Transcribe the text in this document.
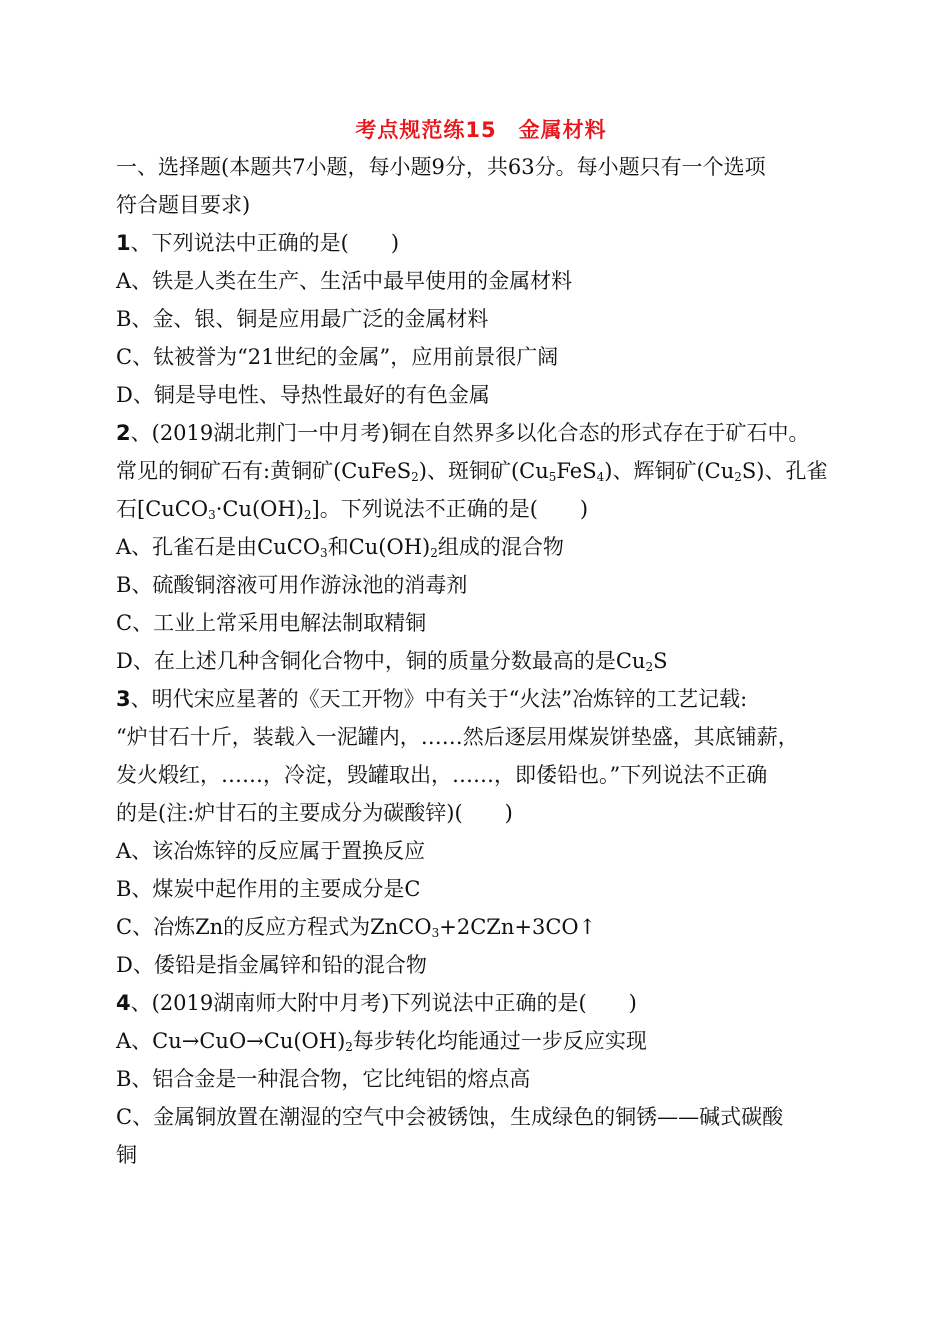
考点规范练15　金属材料
一、选择题(本题共7小题，每小题9分，共63分。每小题只有一个选项
符合题目要求)
1、下列说法中正确的是(　　)
A、铁是人类在生产、生活中最早使用的金属材料
B、金、银、铜是应用最广泛的金属材料
C、钛被誉为“21世纪的金属”，应用前景很广阔
D、铜是导电性、导热性最好的有色金属
2、(2019湖北荆门一中月考)铜在自然界多以化合态的形式存在于矿石中。
常见的铜矿石有:黄铜矿(CuFeS$_2$)、斑铜矿$(Cu_5FeS_4)$、辉铜矿$(Cu_2S)$、孔雀
石$[CuCO_3\cdot Cu(OH)_2]$。下列说法不正确的是(　　)
A、孔雀石是由CuCO$_3$和$Cu(OH)_2$组成的混合物
B、硫酸铜溶液可用作游泳池的消毒剂
C、工业上常采用电解法制取精铜
D、在上述几种含铜化合物中，铜的质量分数最高的是$Cu_2S$
3、明代宋应星著的《天工开物》中有关于“火法”冶炼锌的工艺记载:
“炉甘石十斤，装载入一泥罐内，……然后逐层用煤炭饼垫盛，其底铺薪，
发火煅红，……，冷淀，毁罐取出，……，即倭铅也。”下列说法不正确
的是(注:炉甘石的主要成分为碳酸锌)(　　)
A、该冶炼锌的反应属于置换反应
B、煤炭中起作用的主要成分是C
C、冶炼Zn的反应方程式为ZnCO$_3$+2CZn+3CO↑
D、倭铅是指金属锌和铅的混合物
4、(2019湖南师大附中月考)下列说法中正确的是(　　)
A、$Cu\to CuO\to Cu(OH)_2$每步转化均能通过一步反应实现
B、铝合金是一种混合物，它比纯铝的熔点高
C、金属铜放置在潮湿的空气中会被锈蚀，生成绿色的铜锈——碱式碳酸
铜
